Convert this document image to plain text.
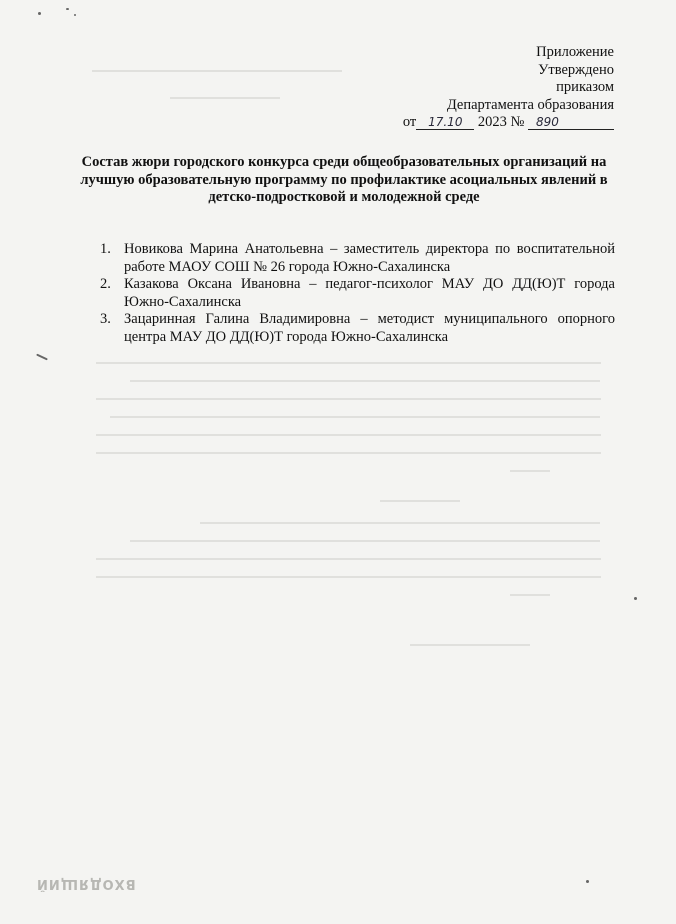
Приложение
Утверждено
приказом
Департамента образования
от 17.10 2023 № 890
Состав жюри городского конкурса среди общеобразовательных организаций на лучшую образовательную программу по профилактике асоциальных явлений в детско-подростковой и молодежной среде
1. Новикова Марина Анатольевна – заместитель директора по воспитательной работе МАОУ СОШ № 26 города Южно-Сахалинска
2. Казакова Оксана Ивановна – педагог-психолог МАУ ДО ДД(Ю)Т города Южно-Сахалинска
3. Зацаринная Галина Владимировна – методист муниципального опорного центра МАУ ДО ДД(Ю)Т города Южно-Сахалинска
ВХОДЯЩИЙ
